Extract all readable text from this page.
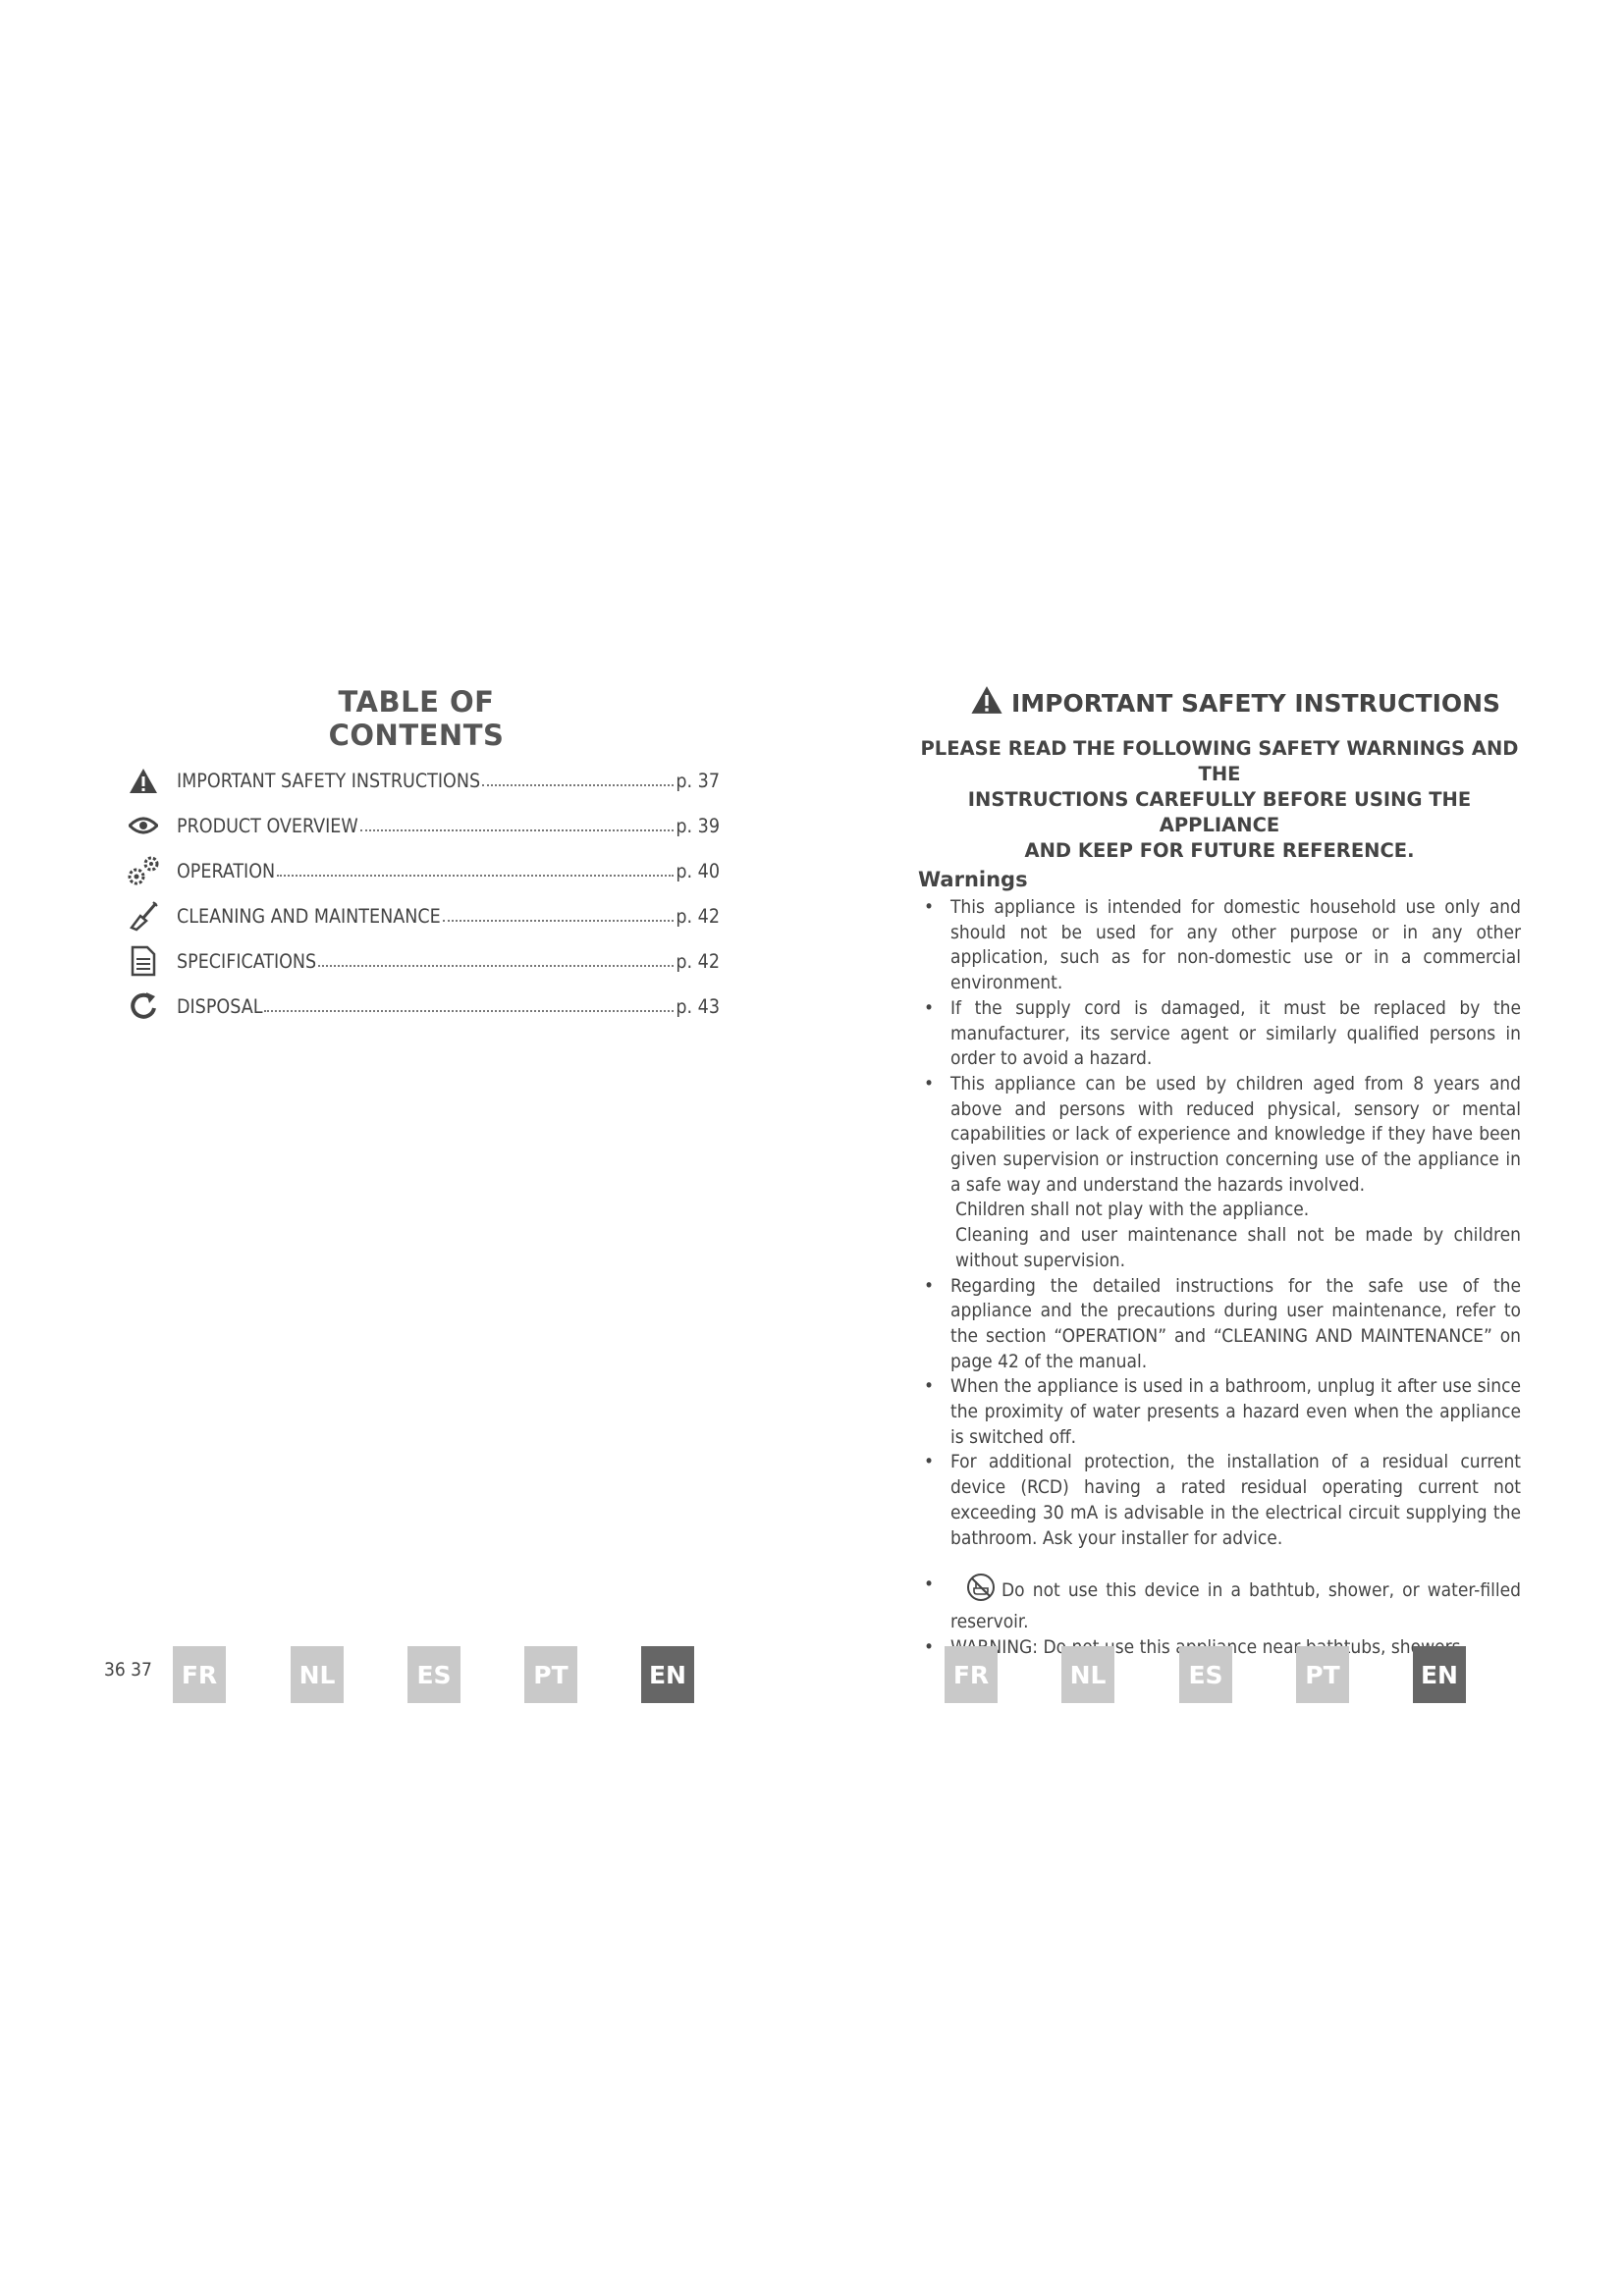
TABLE OF CONTENTS
IMPORTANT SAFETY INSTRUCTIONS	p. 37
PRODUCT OVERVIEW	p. 39
OPERATION	p. 40
CLEANING AND MAINTENANCE	p. 42
SPECIFICATIONS	p. 42
DISPOSAL	p. 43
IMPORTANT SAFETY INSTRUCTIONS
PLEASE READ THE FOLLOWING SAFETY WARNINGS AND THE
INSTRUCTIONS CAREFULLY BEFORE USING THE APPLIANCE
AND KEEP FOR FUTURE REFERENCE.
Warnings
• This appliance is intended for domestic household use only and should not be used for any other purpose or in any other application, such as for non-domestic use or in a commercial environment.
• If the supply cord is damaged, it must be replaced by the manufacturer, its service agent or similarly qualified persons in order to avoid a hazard.
• This appliance can be used by children aged from 8 years and above and persons with reduced physical, sensory or mental capabilities or lack of experience and knowledge if they have been given supervision or instruction concerning use of the appliance in a safe way and understand the hazards involved.
Children shall not play with the appliance.
Cleaning and user maintenance shall not be made by children without supervision.
• Regarding the detailed instructions for the safe use of the appliance and the precautions during user maintenance, refer to the section “OPERATION” and “CLEANING AND MAINTENANCE” on page 42 of the manual.
• When the appliance is used in a bathroom, unplug it after use since the proximity of water presents a hazard even when the appliance is switched off.
• For additional protection, the installation of a residual current device (RCD) having a rated residual operating current not exceeding 30 mA is advisable in the electrical circuit supplying the bathroom. Ask your installer for advice.
• Do not use this device in a bathtub, shower, or water-filled reservoir.
• Do use this near
36 37	FR	NL	ES	PT	EN	FR	NL	ES	PT	EN
